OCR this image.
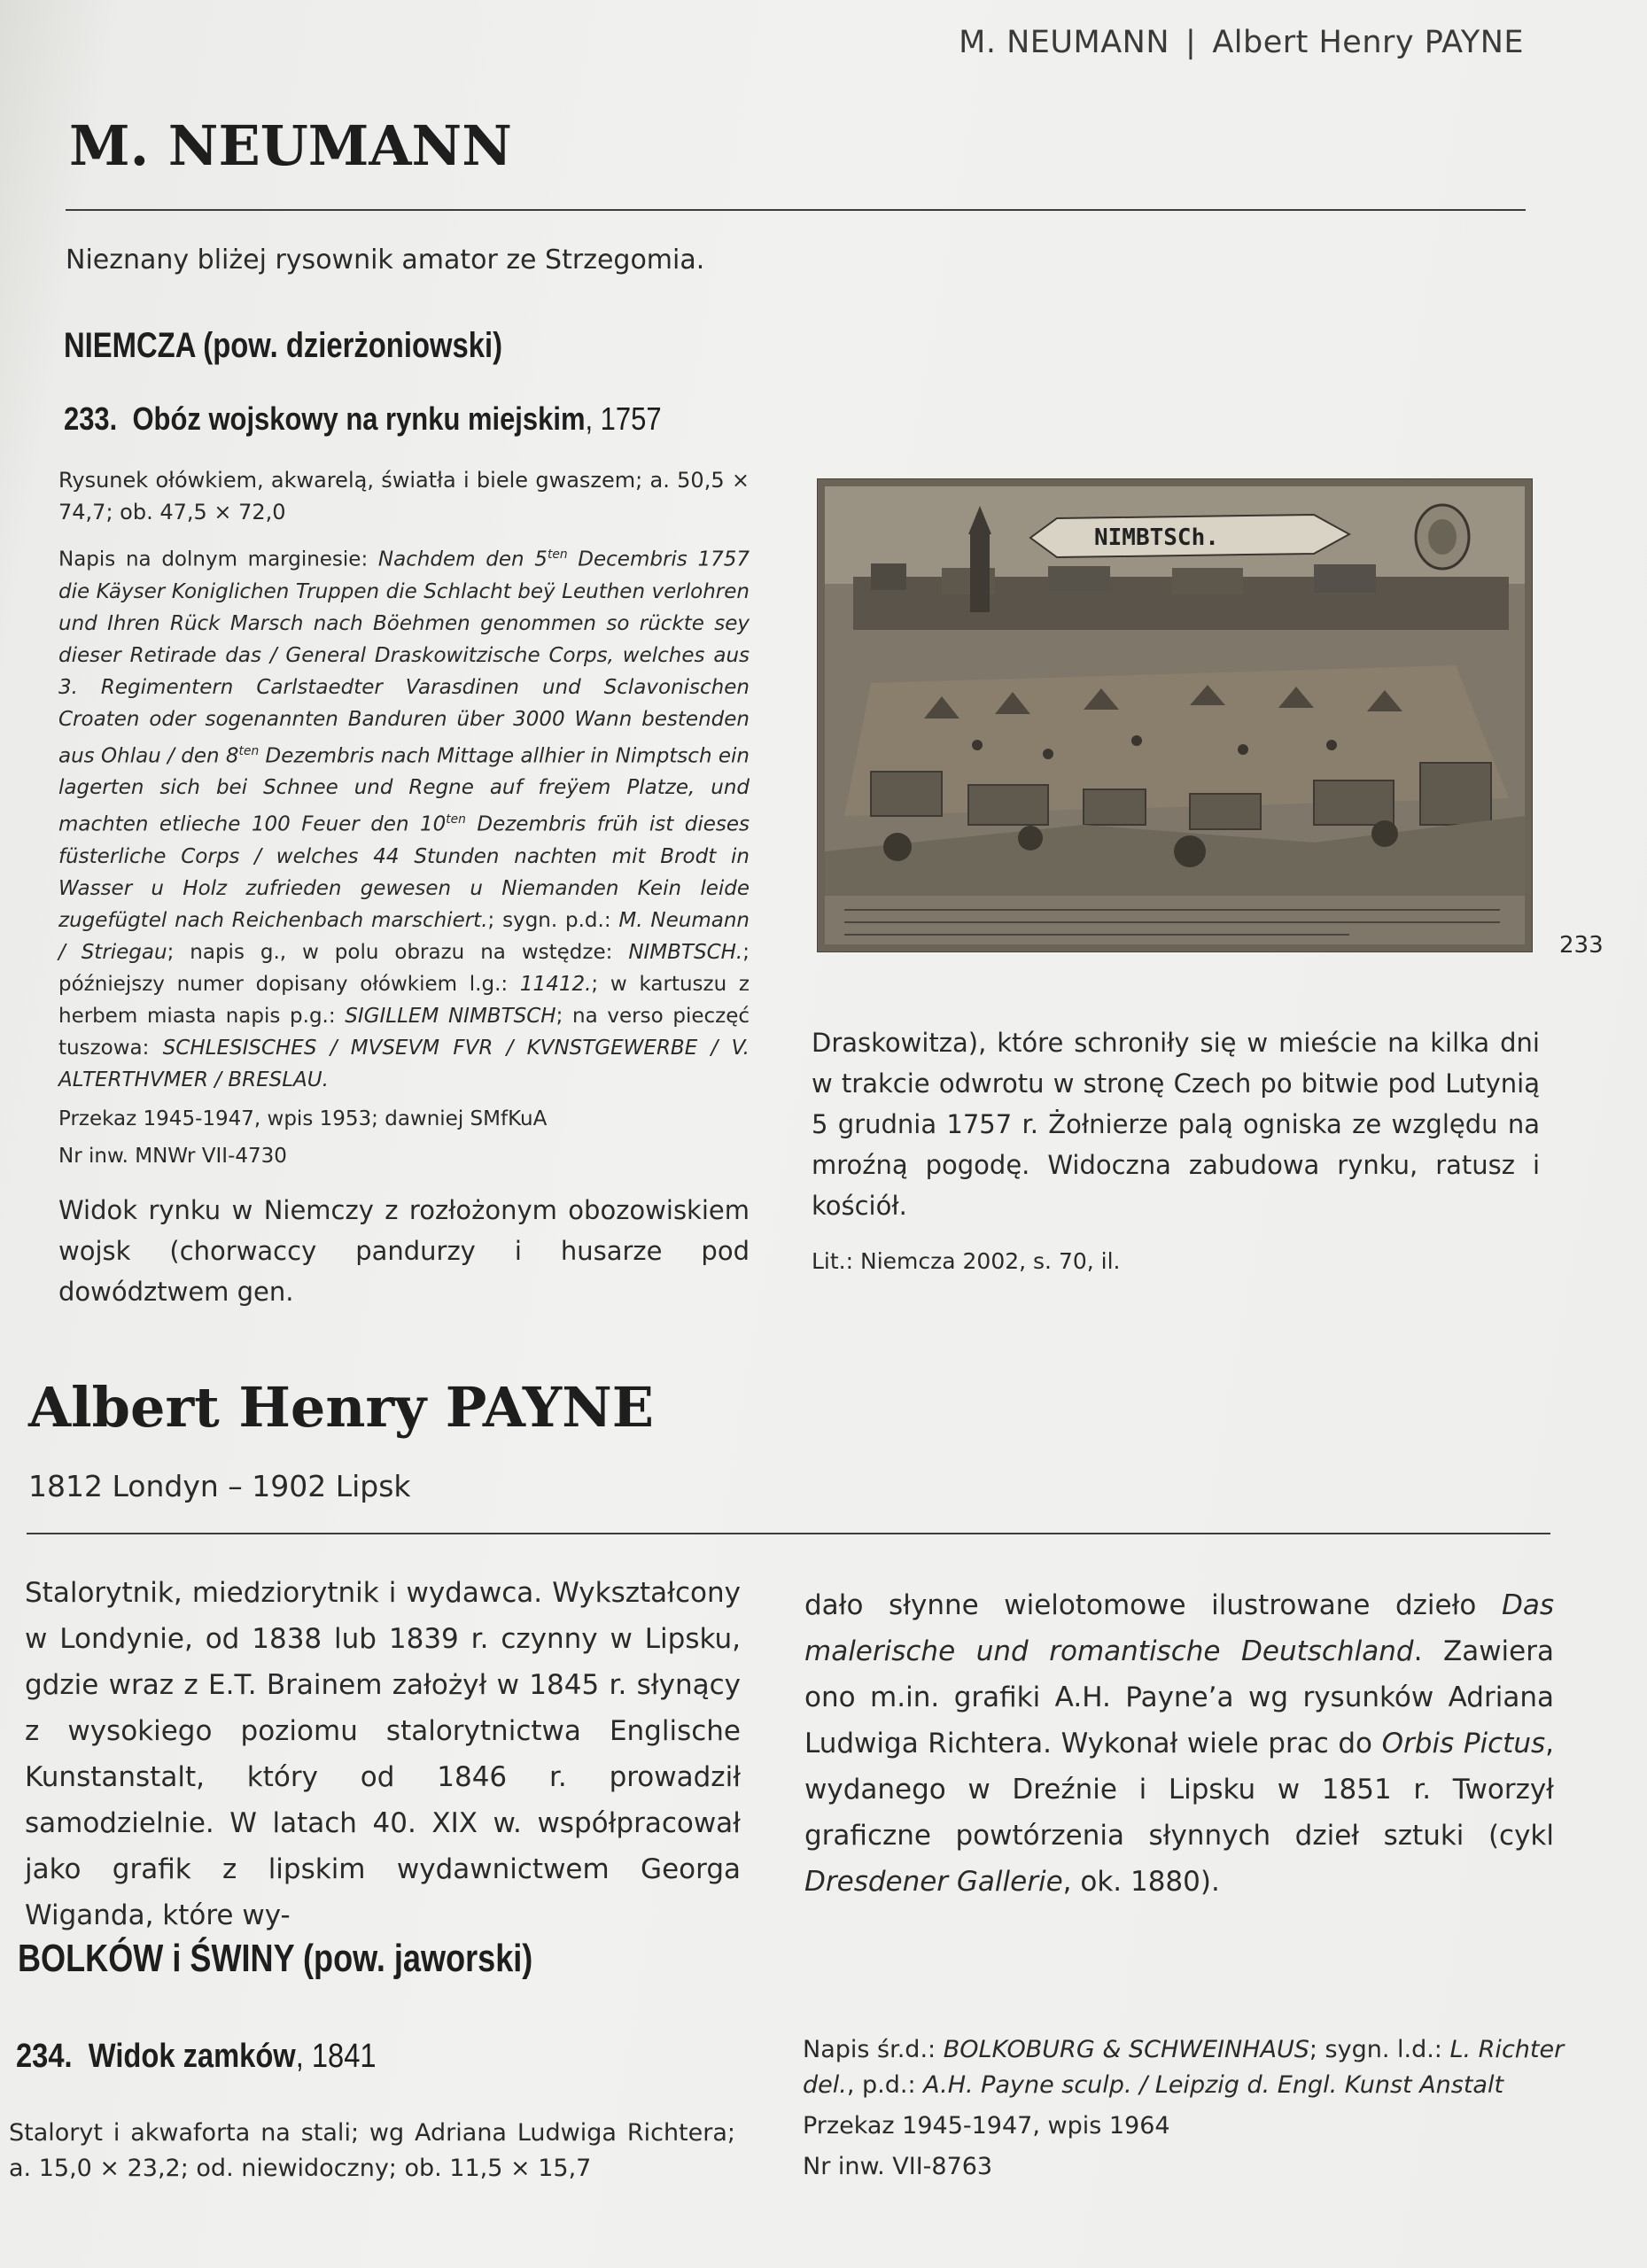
M. NEUMANN | Albert Henry PAYNE
M. NEUMANN

Nieznany bliżej rysownik amator ze Strzegomia.

NIEMCZA (pow. dzierżoniowski)
233. Obóz wojskowy na rynku miejskim, 1757

Rysunek ołówkiem, akwarelą, światła i biele gwaszem; a. 50,5 × 74,7; ob. 47,5 × 72,0

Napis na dolnym marginesie: Nachdem den $5^{ten}$ Decembris 1757 die Käyser Koniglichen Truppen die Schlacht beÿ Leuthen verlohren und Ihren Rück Marsch nach Böehmen genommen so rückte sey dieser Retirade das / General Draskowitzische Corps, welches aus 3. Regimentern Carlstaedter Varasdinen und Sclavonischen Croaten oder sogenannten Banduren über 3000 Wann bestenden aus Ohlau / den $8^{ten}$ Dezembris nach Mittage allhier in Nimptsch ein lagerten sich bei Schnee und Regne auf freÿem Platze, und machten etlieche 100 Feuer den $10^{ten}$ Dezembris früh ist dieses füsterliche Corps / welches 44 Stunden nachten mit Brodt in Wasser u Holz zufrieden gewesen u Niemanden Kein leide zugefügtel nach Reichenbach marschiert.; sygn. p.d.: M. Neumann / Striegau; napis g., w polu obrazu na wstędze: NIMBTSCH.; późniejszy numer dopisany ołówkiem l.g.: 11412.; w kartuszu z herbem miasta napis p.g.: SIGILLEM NIMBTSCH; na verso pieczęć tuszowa: SCHLESISCHES / MVSEVM FVR / KVNSTGEWERBE / V. ALTERTHVMER / BRESLAU.

Przekaz 1945-1947, wpis 1953; dawniej SMfKuA

Nr inw. MNWr VII-4730

Widok rynku w Niemczy z rozłożonym obozowiskiem wojsk (chorwaccy pandurzy i husarze pod dowództwem gen.

NIMBTSCh.
233

Draskowitza), które schroniły się w mieście na kilka dni w trakcie odwrotu w stronę Czech po bitwie pod Lutynią 5 grudnia 1757 r. Żołnierze palą ogniska ze względu na mroźną pogodę. Widoczna zabudowa rynku, ratusz i kościół.

Lit.: Niemcza 2002, s. 70, il.

Albert Henry PAYNE

1812 Londyn – 1902 Lipsk

Stalorytnik, miedziorytnik i wydawca. Wykształcony w Londynie, od 1838 lub 1839 r. czynny w Lipsku, gdzie wraz z E.T. Brainem założył w 1845 r. słynący z wysokiego poziomu stalorytnictwa Englische Kunstanstalt, który od 1846 r. prowadził samodzielnie. W latach 40. XIX w. współpracował jako grafik z lipskim wydawnictwem Georga Wiganda, które wy-

dało słynne wielotomowe ilustrowane dzieło Das malerische und romantische Deutschland. Zawiera ono m.in. grafiki A.H. Payne’a wg rysunków Adriana Ludwiga Richtera. Wykonał wiele prac do Orbis Pictus, wydanego w Dreźnie i Lipsku w 1851 r. Tworzył graficzne powtórzenia słynnych dzieł sztuki (cykl Dresdener Gallerie, ok. 1880).

BOLKÓW i ŚWINY (pow. jaworski)
234. Widok zamków, 1841

Staloryt i akwaforta na stali; wg Adriana Ludwiga Richtera; a. 15,0 × 23,2; od. niewidoczny; ob. 11,5 × 15,7

Napis śr.d.: BOLKOBURG & SCHWEINHAUS; sygn. l.d.: L. Richter del., p.d.: A.H. Payne sculp. / Leipzig d. Engl. Kunst Anstalt

Przekaz 1945-1947, wpis 1964

Nr inw. VII-8763
